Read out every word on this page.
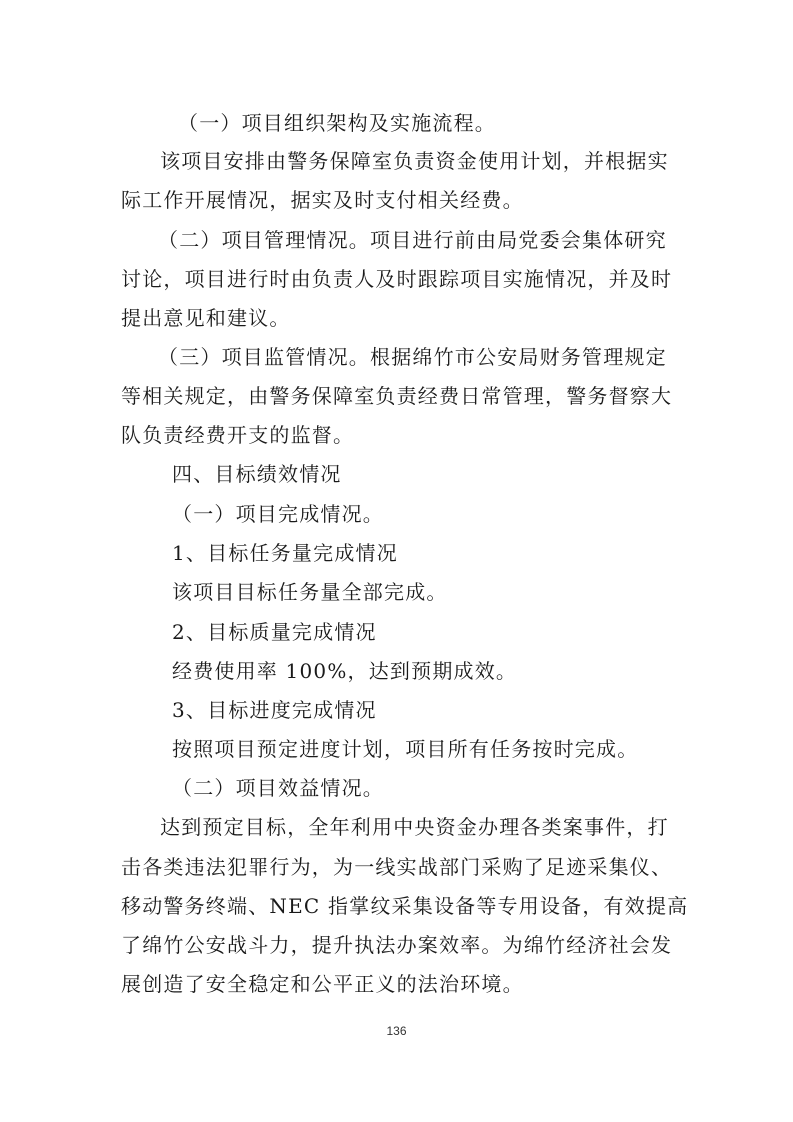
（一）项目组织架构及实施流程。
该项目安排由警务保障室负责资金使用计划，并根据实
际工作开展情况，据实及时支付相关经费。
（二）项目管理情况。项目进行前由局党委会集体研究
讨论，项目进行时由负责人及时跟踪项目实施情况，并及时
提出意见和建议。
（三）项目监管情况。根据绵竹市公安局财务管理规定
等相关规定，由警务保障室负责经费日常管理，警务督察大
队负责经费开支的监督。
四、目标绩效情况
（一）项目完成情况。
1、目标任务量完成情况
该项目目标任务量全部完成。
2、目标质量完成情况
经费使用率 100%，达到预期成效。
3、目标进度完成情况
按照项目预定进度计划，项目所有任务按时完成。
（二）项目效益情况。
达到预定目标，全年利用中央资金办理各类案事件，打
击各类违法犯罪行为，为一线实战部门采购了足迹采集仪、
移动警务终端、NEC 指掌纹采集设备等专用设备，有效提高
了绵竹公安战斗力，提升执法办案效率。为绵竹经济社会发
展创造了安全稳定和公平正义的法治环境。
136
